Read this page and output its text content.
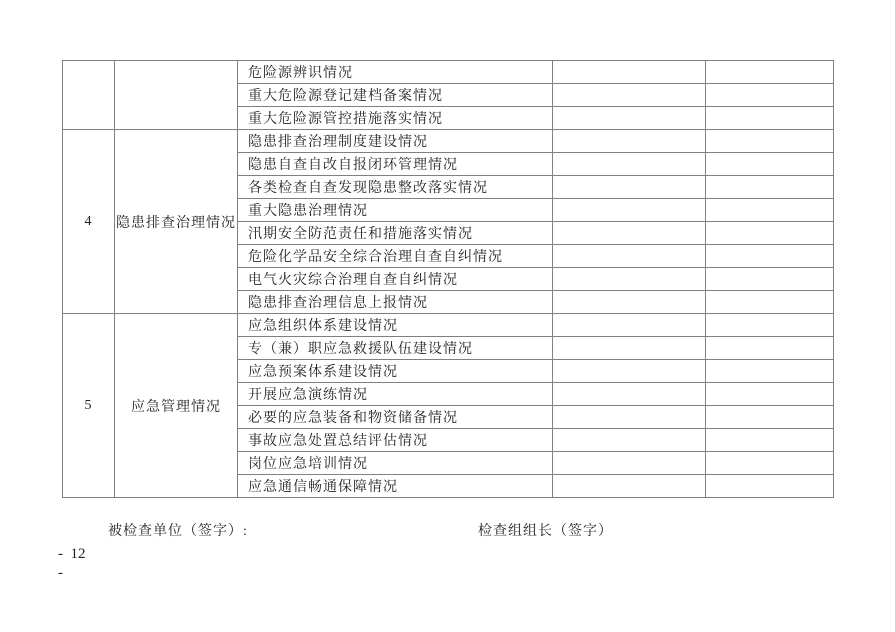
		危险源辨识情况		
		重大危险源登记建档备案情况		
		重大危险源管控措施落实情况		
4	隐患排查治理情况	隐患排查治理制度建设情况		
		隐患自查自改自报闭环管理情况		
		各类检查自查发现隐患整改落实情况		
		重大隐患治理情况		
		汛期安全防范责任和措施落实情况		
		危险化学品安全综合治理自查自纠情况		
		电气火灾综合治理自查自纠情况		
		隐患排查治理信息上报情况		
5	应急管理情况	应急组织体系建设情况		
		专（兼）职应急救援队伍建设情况		
		应急预案体系建设情况		
		开展应急演练情况		
		必要的应急装备和物资储备情况		
		事故应急处置总结评估情况		
		岗位应急培训情况		
		应急通信畅通保障情况		
被检查单位（签字）:	检查组组长（签字）
-  12
-
